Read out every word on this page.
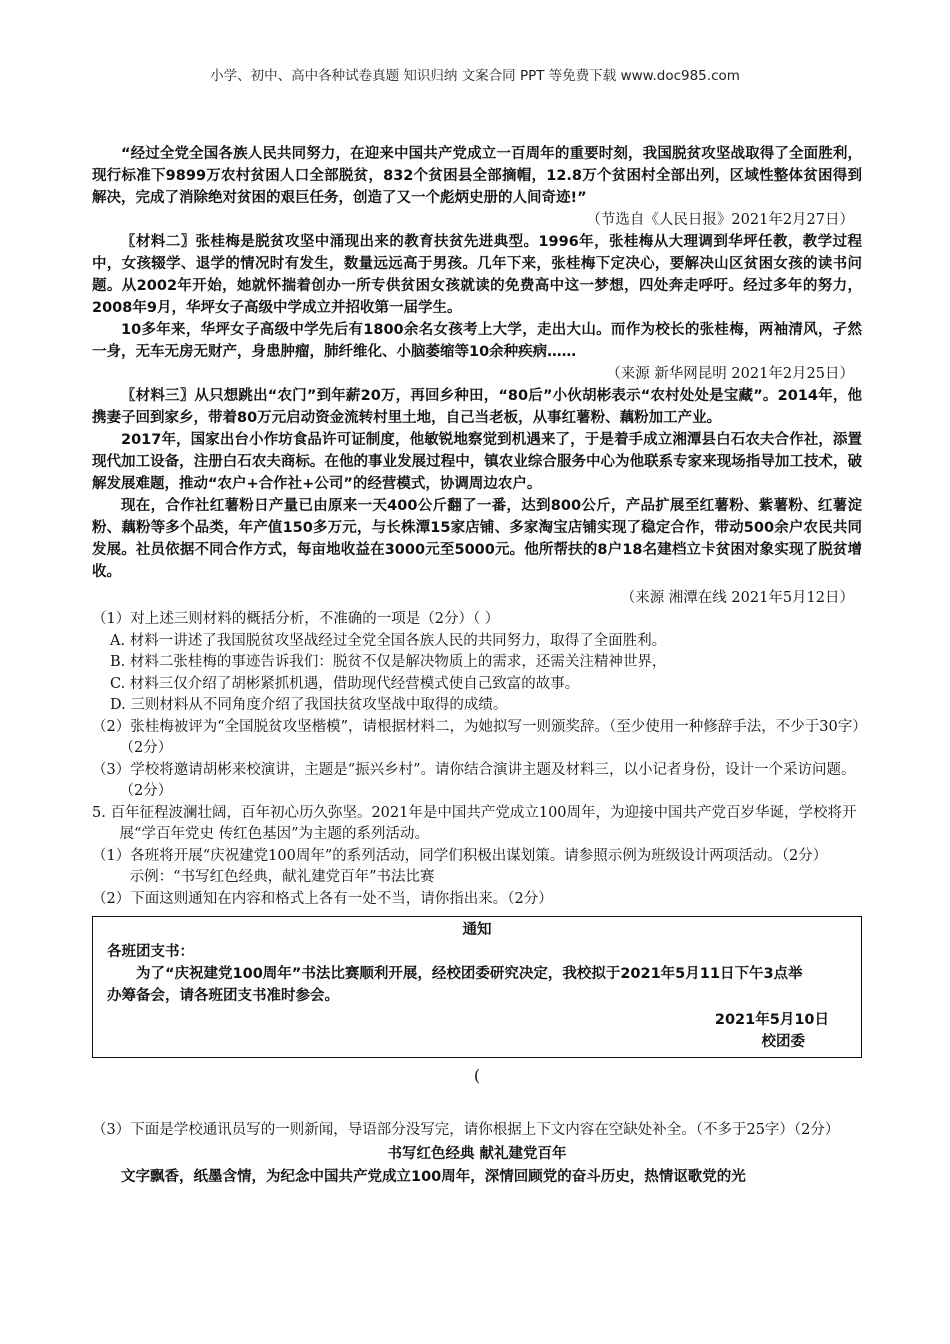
小学、初中、高中各种试卷真题 知识归纳 文案合同 PPT 等免费下载 www.doc985.com

“经过全党全国各族人民共同努力，在迎来中国共产党成立一百周年的重要时刻，我国脱贫攻坚战取得了全面胜利，现行标准下9899万农村贫困人口全部脱贫，832个贫困县全部摘帽，12.8万个贫困村全部出列，区域性整体贫困得到解决，完成了消除绝对贫困的艰巨任务，创造了又一个彪炳史册的人间奇迹!”

（节选自《人民日报》2021年2月27日）

〖材料二〗张桂梅是脱贫攻坚中涌现出来的教育扶贫先进典型。1996年，张桂梅从大理调到华坪任教，教学过程中，女孩辍学、退学的情况时有发生，数量远远高于男孩。几年下来，张桂梅下定决心，要解决山区贫困女孩的读书问题。从2002年开始，她就怀揣着创办一所专供贫困女孩就读的免费高中这一梦想，四处奔走呼吁。经过多年的努力，2008年9月，华坪女子高级中学成立并招收第一届学生。

10多年来，华坪女子高级中学先后有1800余名女孩考上大学，走出大山。而作为校长的张桂梅，两袖清风，孑然一身，无车无房无财产，身患肿瘤，肺纤维化、小脑萎缩等10余种疾病……

（来源 新华网昆明 2021年2月25日）

〖材料三〗从只想跳出“农门”到年薪20万，再回乡种田，“80后”小伙胡彬表示“农村处处是宝藏”。2014年，他携妻子回到家乡，带着80万元启动资金流转村里土地，自己当老板，从事红薯粉、藕粉加工产业。

2017年，国家出台小作坊食品许可证制度，他敏锐地察觉到机遇来了，于是着手成立湘潭县白石农夫合作社，添置现代加工设备，注册白石农夫商标。在他的事业发展过程中，镇农业综合服务中心为他联系专家来现场指导加工技术，破解发展难题，推动“农户+合作社+公司”的经营模式，协调周边农户。

现在，合作社红薯粉日产量已由原来一天400公斤翻了一番，达到800公斤，产品扩展至红薯粉、紫薯粉、红薯淀粉、藕粉等多个品类，年产值150多万元，与长株潭15家店铺、多家淘宝店铺实现了稳定合作，带动500余户农民共同发展。社员依据不同合作方式，每亩地收益在3000元至5000元。他所帮扶的8户18名建档立卡贫困对象实现了脱贫增收。

（来源 湘潭在线 2021年5月12日）

（1）对上述三则材料的概括分析，不准确的一项是（2分）（ ）
A. 材料一讲述了我国脱贫攻坚战经过全党全国各族人民的共同努力，取得了全面胜利。
B. 材料二张桂梅的事迹告诉我们：脱贫不仅是解决物质上的需求，还需关注精神世界，
C. 材料三仅介绍了胡彬紧抓机遇，借助现代经营模式使自己致富的故事。
D. 三则材料从不同角度介绍了我国扶贫攻坚战中取得的成绩。
（2）张桂梅被评为“全国脱贫攻坚楷模”，请根据材料二，为她拟写一则颁奖辞。（至少使用一种修辞手法，不少于30字）（2分）
（3）学校将邀请胡彬来校演讲，主题是“振兴乡村”。请你结合演讲主题及材料三，以小记者身份，设计一个采访问题。（2分）
5. 百年征程波澜壮阔，百年初心历久弥坚。2021年是中国共产党成立100周年，为迎接中国共产党百岁华诞，学校将开展“学百年党史 传红色基因”为主题的系列活动。
（1）各班将开展“庆祝建党100周年”的系列活动，同学们积极出谋划策。请参照示例为班级设计两项活动。（2分）
示例：“书写红色经典，献礼建党百年”书法比赛
（2）下面这则通知在内容和格式上各有一处不当，请你指出来。（2分）
通知
各班团支书：
为了“庆祝建党100周年”书法比赛顺利开展，经校团委研究决定，我校拟于2021年5月11日下午3点举办筹备会，请各班团支书准时参会。
2021年5月10日
校团委
(
（3）下面是学校通讯员写的一则新闻，导语部分没写完，请你根据上下文内容在空缺处补全。（不多于25字）（2分）
书写红色经典 献礼建党百年

文字飘香，纸墨含情，为纪念中国共产党成立100周年，深情回顾党的奋斗历史，热情讴歌党的光
